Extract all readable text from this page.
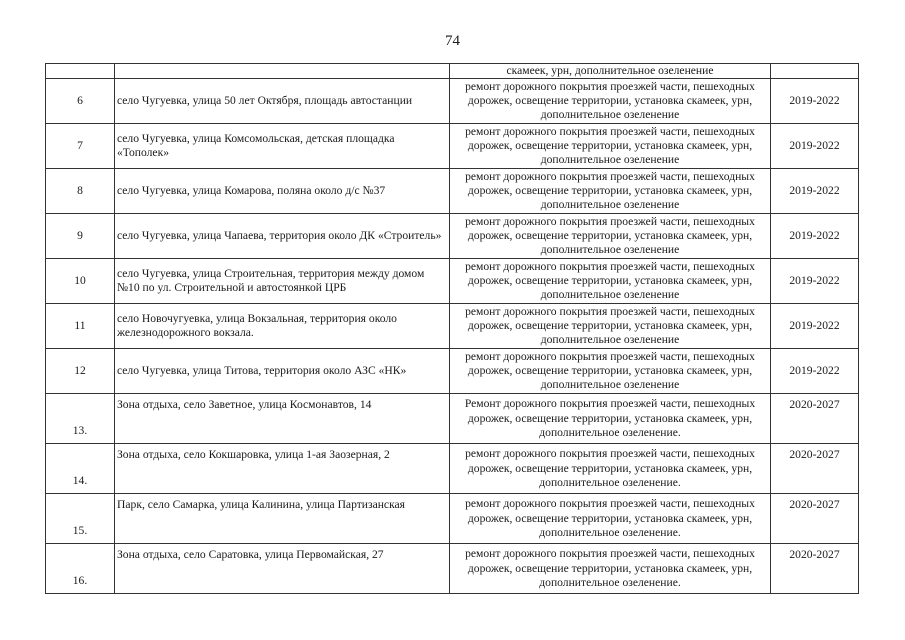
74
		скамеек, урн, дополнительное озеленение	
6	село Чугуевка, улица 50 лет Октября, площадь автостанции	ремонт дорожного покрытия проезжей части, пешеходных дорожек, освещение территории, установка скамеек, урн, дополнительное озеленение	2019-2022
7	село Чугуевка, улица Комсомольская, детская площадка «Тополек»	ремонт дорожного покрытия проезжей части, пешеходных дорожек, освещение территории, установка скамеек, урн, дополнительное озеленение	2019-2022
8	село Чугуевка, улица Комарова, поляна около д/с №37	ремонт дорожного покрытия проезжей части, пешеходных дорожек, освещение территории, установка скамеек, урн, дополнительное озеленение	2019-2022
9	село Чугуевка, улица Чапаева, территория около ДК «Строитель»	ремонт дорожного покрытия проезжей части, пешеходных дорожек, освещение территории, установка скамеек, урн, дополнительное озеленение	2019-2022
10	село Чугуевка, улица Строительная, территория между домом №10 по ул. Строительной и автостоянкой ЦРБ	ремонт дорожного покрытия проезжей части, пешеходных дорожек, освещение территории, установка скамеек, урн, дополнительное озеленение	2019-2022
11	село Новочугуевка, улица Вокзальная, территория около железнодорожного вокзала.	ремонт дорожного покрытия проезжей части, пешеходных дорожек, освещение территории, установка скамеек, урн, дополнительное озеленение	2019-2022
12	село Чугуевка, улица Титова, территория около АЗС «НК»	ремонт дорожного покрытия проезжей части, пешеходных дорожек, освещение территории, установка скамеек, урн, дополнительное озеленение	2019-2022
13.	Зона отдыха, село Заветное, улица Космонавтов, 14	Ремонт дорожного покрытия проезжей части, пешеходных дорожек, освещение территории, установка скамеек, урн, дополнительное озеленение.	2020-2027
14.	Зона отдыха, село Кокшаровка, улица 1-ая Заозерная, 2	ремонт дорожного покрытия проезжей части, пешеходных дорожек, освещение территории, установка скамеек, урн, дополнительное озеленение.	2020-2027
15.	Парк, село Самарка, улица Калинина, улица Партизанская	ремонт дорожного покрытия проезжей части, пешеходных дорожек, освещение территории, установка скамеек, урн, дополнительное озеленение.	2020-2027
16.	Зона отдыха, село Саратовка, улица Первомайская, 27	ремонт дорожного покрытия проезжей части, пешеходных дорожек, освещение территории, установка скамеек, урн, дополнительное озеленение.	2020-2027
